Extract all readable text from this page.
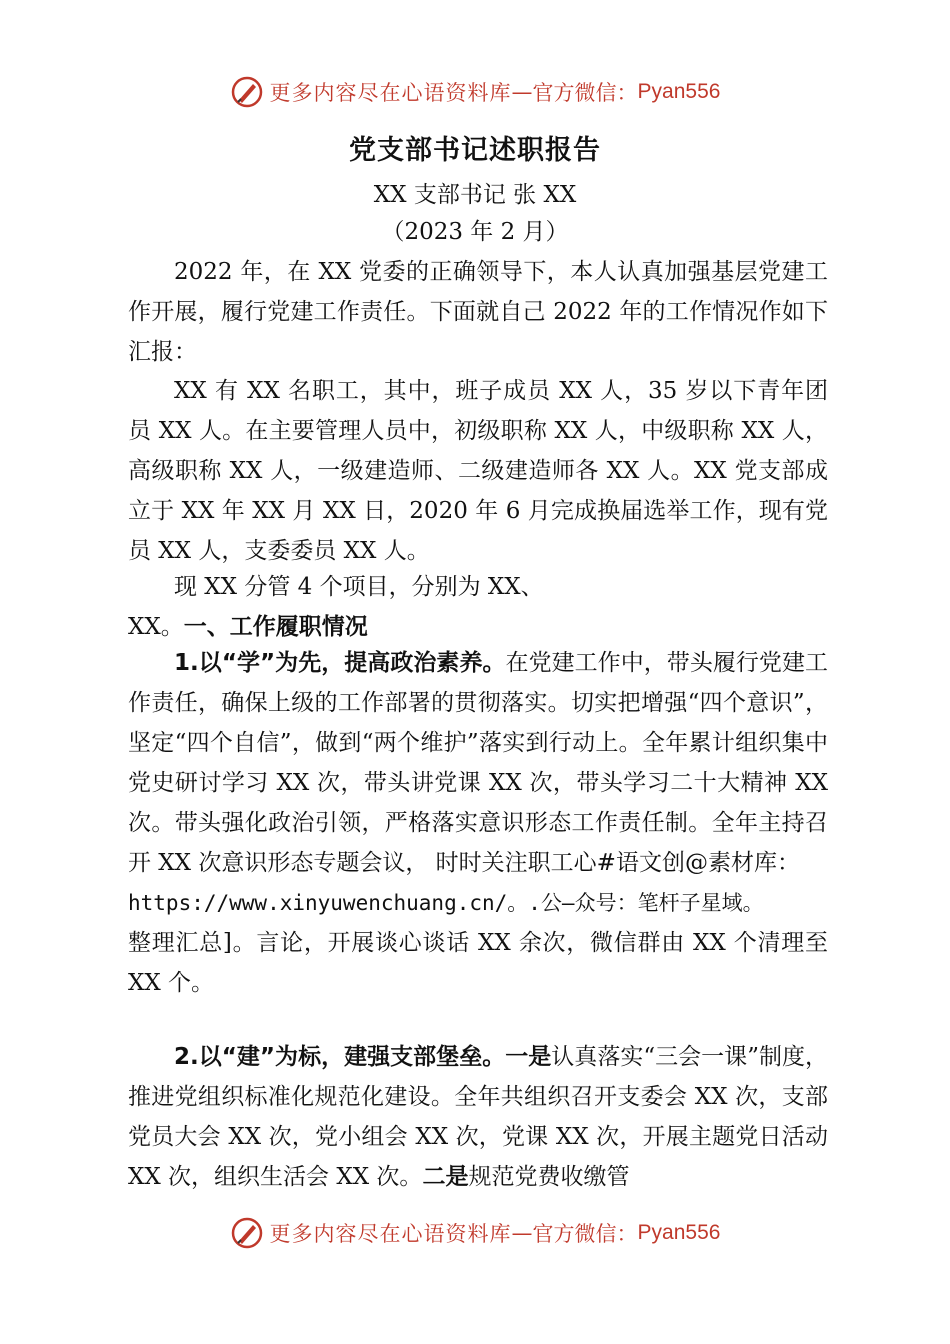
更多内容尽在心语资料库 — 官方微信： Pyan556
党支部书记述职报告
XX 支部书记 张 XX
（2023 年 2 月）
2022 年，在 XX 党委的正确领导下，本人认真加强基层党建工作开展，履行党建工作责任。下面就自己 2022 年的工作情况作如下汇报：
XX 有 XX 名职工，其中，班子成员 XX 人，35 岁以下青年团员 XX 人。在主要管理人员中，初级职称 XX 人，中级职称 XX 人， 高级职称 XX 人，一级建造师、二级建造师各 XX 人。XX 党支部成立于 XX 年 XX 月 XX 日，2020 年 6 月完成换届选举工作，现有党员 XX 人，支委委员 XX 人。
现 XX 分管 4 个项目，分别为 XX、
XX。一、工作履职情况
1.以“学”为先，提高政治素养。在党建工作中，带头履行党建工作责任，确保上级的工作部署的贯彻落实。切实把增强“四个意识”，坚定“四个自信”，做到“两个维护”落实到行动上。全年累计组织集中党史研讨学习 XX 次，带头讲党课 XX 次，带头学习二十大精神 XX 次。带头强化政治引领，严格落实意识形态工作责任制。全年主持召开 XX 次意识形态专题会议， 时时关注职工心#语文创@素材库：
https://www.xinyuwenchuang.cn/。.公—众号：笔杆子星域。
整理汇总]。言论，开展谈心谈话 XX 余次，微信群由 XX 个清理至 XX 个。
2.以“建”为标，建强支部堡垒。一是认真落实“三会一课”制度，推进党组织标准化规范化建设。全年共组织召开支委会 XX 次，支部党员大会 XX 次，党小组会 XX 次，党课 XX 次，开展主题党日活动 XX 次，组织生活会 XX 次。二是规范党费收缴管
更多内容尽在心语资料库 — 官方微信： Pyan556
